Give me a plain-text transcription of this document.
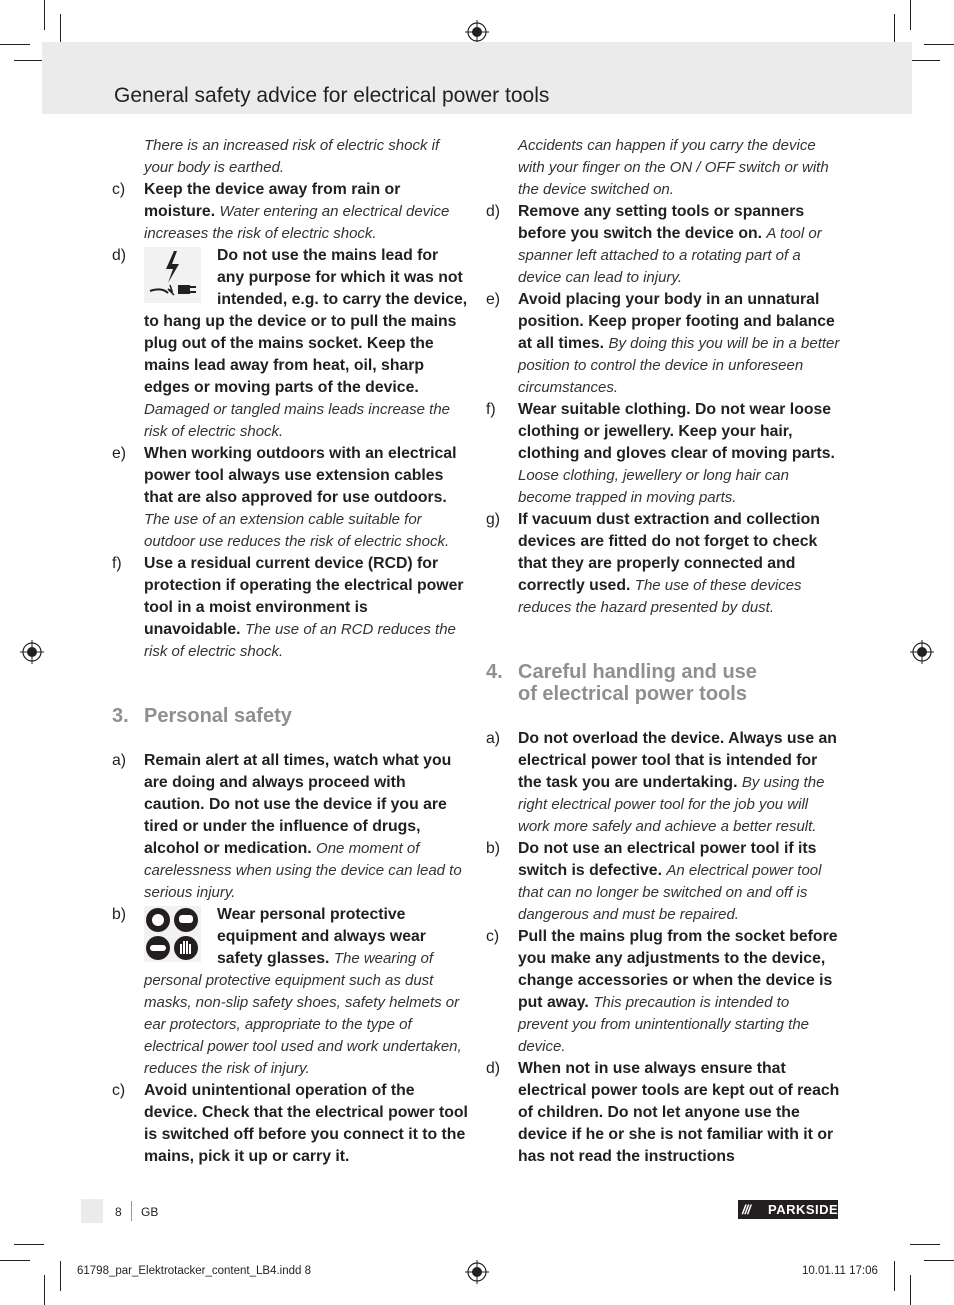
General safety advice for electrical power tools
There is an increased risk of electric shock if your body is earthed.
c) Keep the device away from rain or moisture. Water entering an electrical device increases the risk of electric shock.
d)	Do not use the mains lead for any purpose for which it was not intended, e.g. to carry the device, to hang up the device or to pull the mains plug out of the mains socket. Keep the mains lead away from heat, oil, sharp edges or moving parts of the device. Damaged or tangled mains leads increase the risk of electric shock.
e) When working outdoors with an electrical power tool always use extension cables that are also approved for use outdoors. The use of an extension cable suitable for outdoor use reduces the risk of electric shock.
f) Use a residual current device (RCD) for protection if operating the electrical power tool in a moist environment is unavoidable. The use of an RCD reduces the risk of electric shock.
3. Personal safety
a) Remain alert at all times, watch what you are doing and always proceed with caution. Do not use the device if you are tired or under the influence of drugs, alcohol or medication. One moment of carelessness when using the device can lead to serious injury.
b)	Wear personal protective equipment and always wear safety glasses. The wearing of personal protective equipment such as dust masks, non-slip safety shoes, safety helmets or ear protectors, appropriate to the type of electrical power tool used and work undertaken, reduces the risk of injury.
c) Avoid unintentional operation of the device. Check that the electrical power tool is switched off before you connect it to the mains, pick it up or carry it.
Accidents can happen if you carry the device with your finger on the ON / OFF switch or with the device switched on.
d) Remove any setting tools or spanners before you switch the device on. A tool or spanner left attached to a rotating part of a device can lead to injury.
e) Avoid placing your body in an unnatural position. Keep proper footing and balance at all times. By doing this you will be in a better position to control the device in unforeseen circumstances.
f) Wear suitable clothing. Do not wear loose clothing or jewellery. Keep your hair, clothing and gloves clear of moving parts. Loose clothing, jewellery or long hair can become trapped in moving parts.
g) If vacuum dust extraction and collection devices are fitted do not forget to check that they are properly connected and correctly used. The use of these devices reduces the hazard presented by dust.
4. Careful handling and use
of electrical power tools
a) Do not overload the device. Always use an electrical power tool that is intended for the task you are undertaking. By using the right electrical power tool for the job you will work more safely and achieve a better result.
b) Do not use an electrical power tool if its switch is defective. An electrical power tool that can no longer be switched on and off is dangerous and must be repaired.
c) Pull the mains plug from the socket before you make any adjustments to the device, change accessories or when the device is put away. This precaution is intended to prevent you from unintentionally starting the device.
d) When not in use always ensure that electrical power tools are kept out of reach of children. Do not let anyone use the device if he or she is not familiar with it or has not read the instructions
8 GB	/// PARKSIDE
61798_par_Elektrotacker_content_LB4.indd 8	10.01.11 17:06
